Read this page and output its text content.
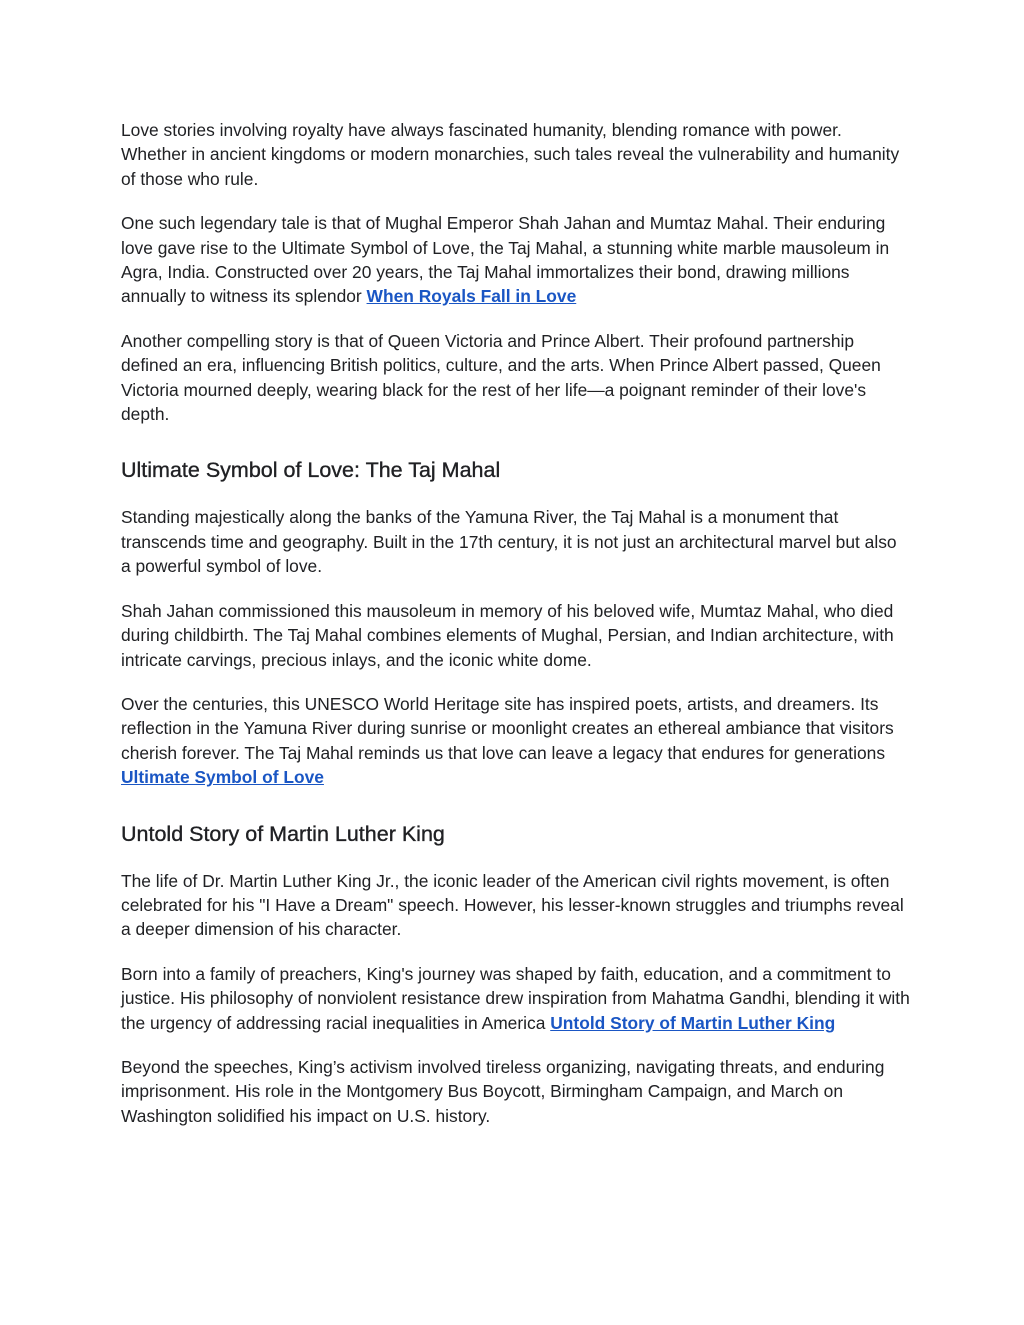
Love stories involving royalty have always fascinated humanity, blending romance with power. Whether in ancient kingdoms or modern monarchies, such tales reveal the vulnerability and humanity of those who rule.

One such legendary tale is that of Mughal Emperor Shah Jahan and Mumtaz Mahal. Their enduring love gave rise to the Ultimate Symbol of Love, the Taj Mahal, a stunning white marble mausoleum in Agra, India. Constructed over 20 years, the Taj Mahal immortalizes their bond, drawing millions annually to witness its splendor When Royals Fall in Love

Another compelling story is that of Queen Victoria and Prince Albert. Their profound partnership defined an era, influencing British politics, culture, and the arts. When Prince Albert passed, Queen Victoria mourned deeply, wearing black for the rest of her life—a poignant reminder of their love's depth.

Ultimate Symbol of Love: The Taj Mahal

Standing majestically along the banks of the Yamuna River, the Taj Mahal is a monument that transcends time and geography. Built in the 17th century, it is not just an architectural marvel but also a powerful symbol of love.

Shah Jahan commissioned this mausoleum in memory of his beloved wife, Mumtaz Mahal, who died during childbirth. The Taj Mahal combines elements of Mughal, Persian, and Indian architecture, with intricate carvings, precious inlays, and the iconic white dome.

Over the centuries, this UNESCO World Heritage site has inspired poets, artists, and dreamers. Its reflection in the Yamuna River during sunrise or moonlight creates an ethereal ambiance that visitors cherish forever. The Taj Mahal reminds us that love can leave a legacy that endures for generations Ultimate Symbol of Love

Untold Story of Martin Luther King

The life of Dr. Martin Luther King Jr., the iconic leader of the American civil rights movement, is often celebrated for his "I Have a Dream" speech. However, his lesser-known struggles and triumphs reveal a deeper dimension of his character.

Born into a family of preachers, King's journey was shaped by faith, education, and a commitment to justice. His philosophy of nonviolent resistance drew inspiration from Mahatma Gandhi, blending it with the urgency of addressing racial inequalities in America Untold Story of Martin Luther King

Beyond the speeches, King’s activism involved tireless organizing, navigating threats, and enduring imprisonment. His role in the Montgomery Bus Boycott, Birmingham Campaign, and March on Washington solidified his impact on U.S. history.
